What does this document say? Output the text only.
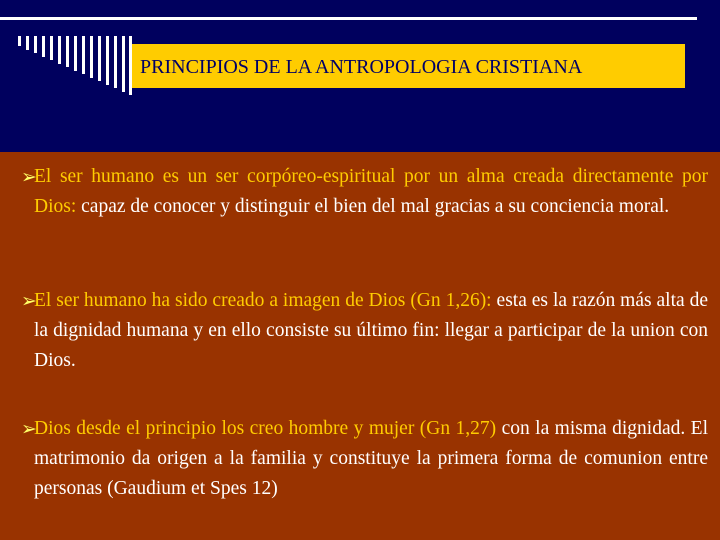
PRINCIPIOS DE LA ANTROPOLOGIA CRISTIANA
➢
El ser humano es un ser corpóreo-espiritual por un alma creada directamente por Dios: capaz de conocer y distinguir el bien del mal gracias a su conciencia moral.
➢
El ser humano ha sido creado a imagen de Dios (Gn 1,26): esta es la razón más alta de la dignidad humana y en ello consiste su último fin: llegar a participar de la union con Dios.
➢
Dios desde el principio los creo hombre y mujer (Gn 1,27) con la misma dignidad. El matrimonio da origen a la familia y constituye la primera forma de comunion entre personas (Gaudium et Spes 12)
